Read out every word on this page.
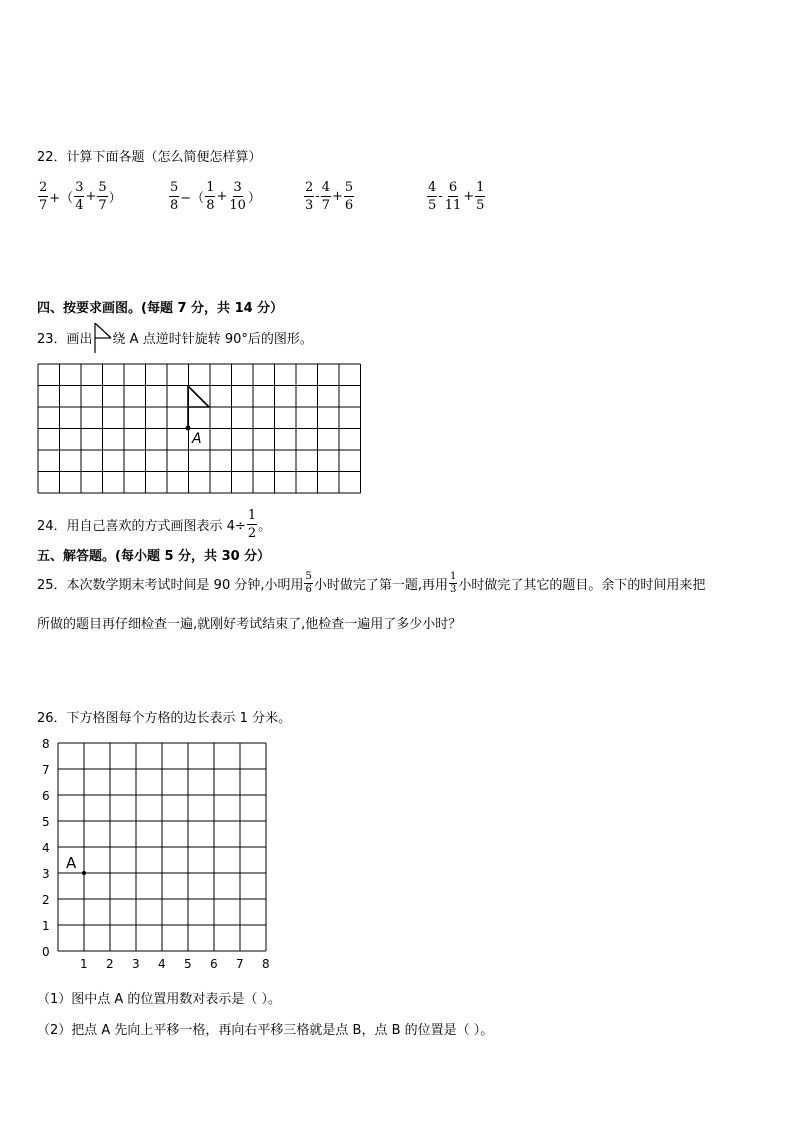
22．计算下面各题（怎么简便怎样算）
$\frac{2}{7}$ +（ $\frac{3}{4} + \frac{5}{7}$ ）	$\frac{5}{8}$ −（ $\frac{1}{8} + \frac{3}{10}$ ）	$\frac{2}{3} - \frac{4}{7} + \frac{5}{6}$	$\frac{4}{5} - \frac{6}{11} + \frac{1}{5}$
四、按要求画图。(每题 7 分，共 14 分）
23．画出 绕 A 点逆时针旋转 90°后的图形。
A
24．用自己喜欢的方式画图表示 $4\div \frac{1}{2}$ 。
五、解答题。(每小题 5 分，共 30 分）
25．本次数学期末考试时间是 90 分钟,小明用
5
6 小时做完了第一题,再用
1
3 小时做完了其它的题目。余下的时间用来把
所做的题目再仔细检查一遍,就刚好考试结束了,他检查一遍用了多少小时？
26．下方格图每个方格的边长表示 1 分米。
0
1
2
3
4
5
6
7
8
1 2 3 4 5 6 7 8
A
（1）图中点 A 的位置用数对表示是（ ）。
（2）把点 A 先向上平移一格，再向右平移三格就是点 B，点 B 的位置是（ ）。
